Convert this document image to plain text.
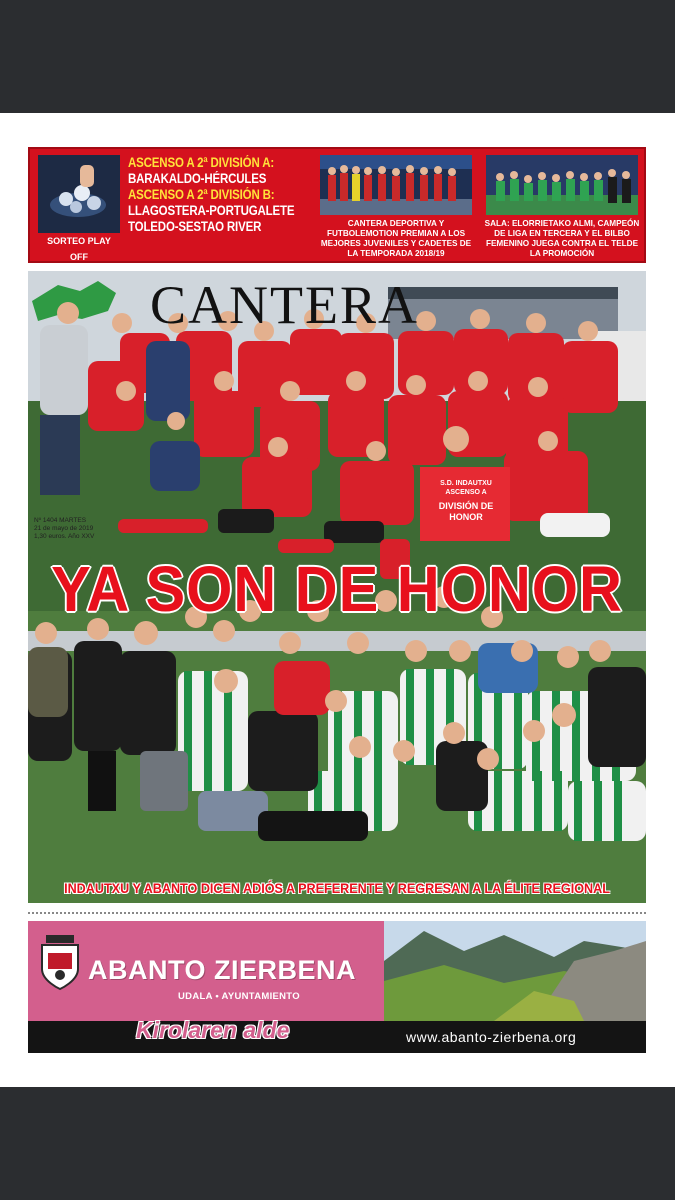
SORTEO PLAY OFF
ASCENSO A 2ª DIVISIÓN A:
BARAKALDO-HÉRCULES
ASCENSO A 2ª DIVISIÓN B:
LLAGOSTERA-PORTUGALETE
TOLEDO-SESTAO RIVER	CANTERA DEPORTIVA Y FUTBOLEMOTION PREMIAN A LOS MEJORES JUVENILES Y CADETES DE LA TEMPORADA 2018/19
SALA: ELORRIETAKO ALMI, CAMPEÓN DE LIGA EN TERCERA Y EL BILBO FEMENINO JUEGA CONTRA EL TELDE LA PROMOCIÓN
CANTERA
Nº 1404 MARTES
21 de mayo de 2019
1,30 euros. Año XXV
S.D. INDAUTXU
ASCENSO A
DIVISIÓN DE HONOR
YA SON DE HONOR
INDAUTXU Y ABANTO DICEN ADIÓS A PREFERENTE Y REGRESAN A LA ÉLITE REGIONAL
ABANTO ZIERBENA
UDALA • AYUNTAMIENTO
Kirolaren alde	www.abanto-zierbena.org
